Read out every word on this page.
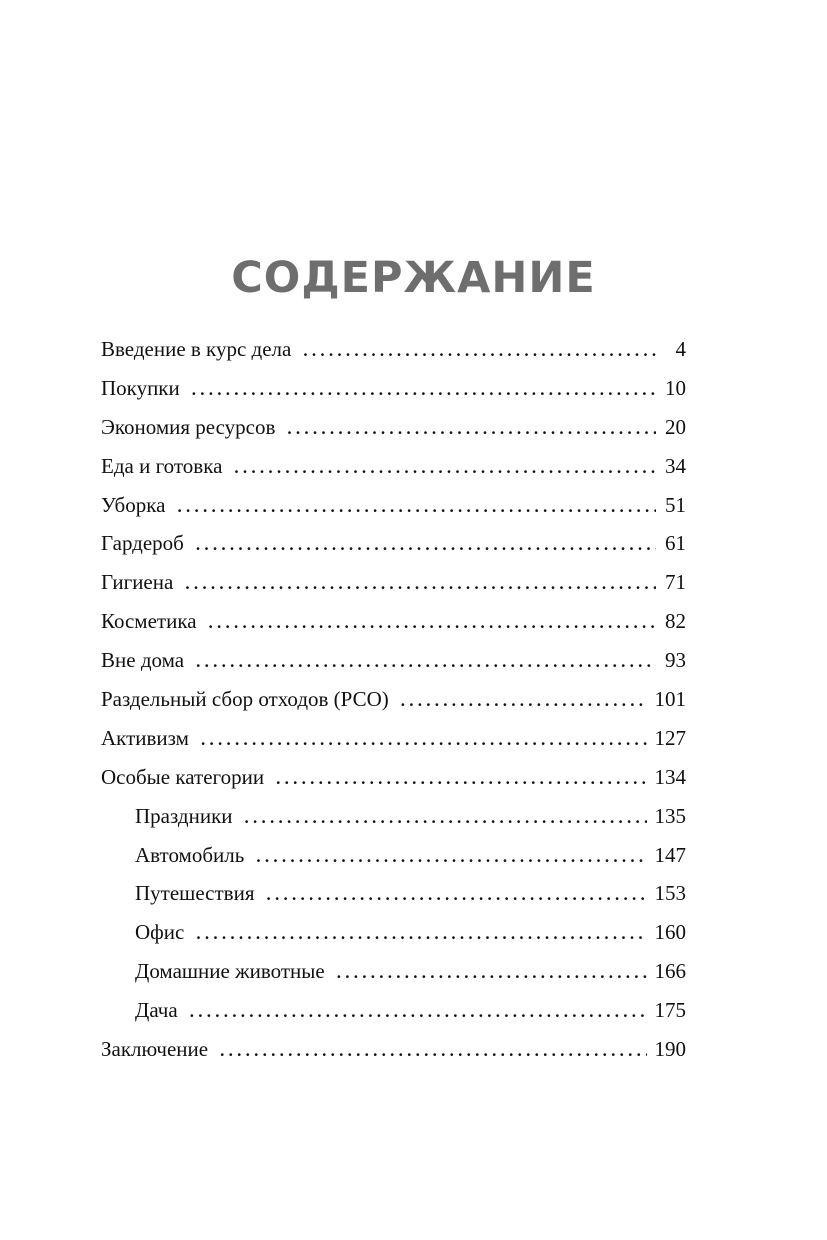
СОДЕРЖАНИЕ
Введение в курс дела . . .	4
Покупки . . .	10
Экономия ресурсов . . .	20
Еда и готовка . . .	34
Уборка . . .	51
Гардероб . . .	61
Гигиена . . .	71
Косметика . . .	82
Вне дома . . .	93
Раздельный сбор отходов (РСО) . . .	101
Активизм . . .	127
Особые категории . . .	134
Праздники . . .	135
Автомобиль . . .	147
Путешествия . . .	153
Офис . . .	160
Домашние животные . . .	166
Дача . . .	175
Заключение . . .	190
